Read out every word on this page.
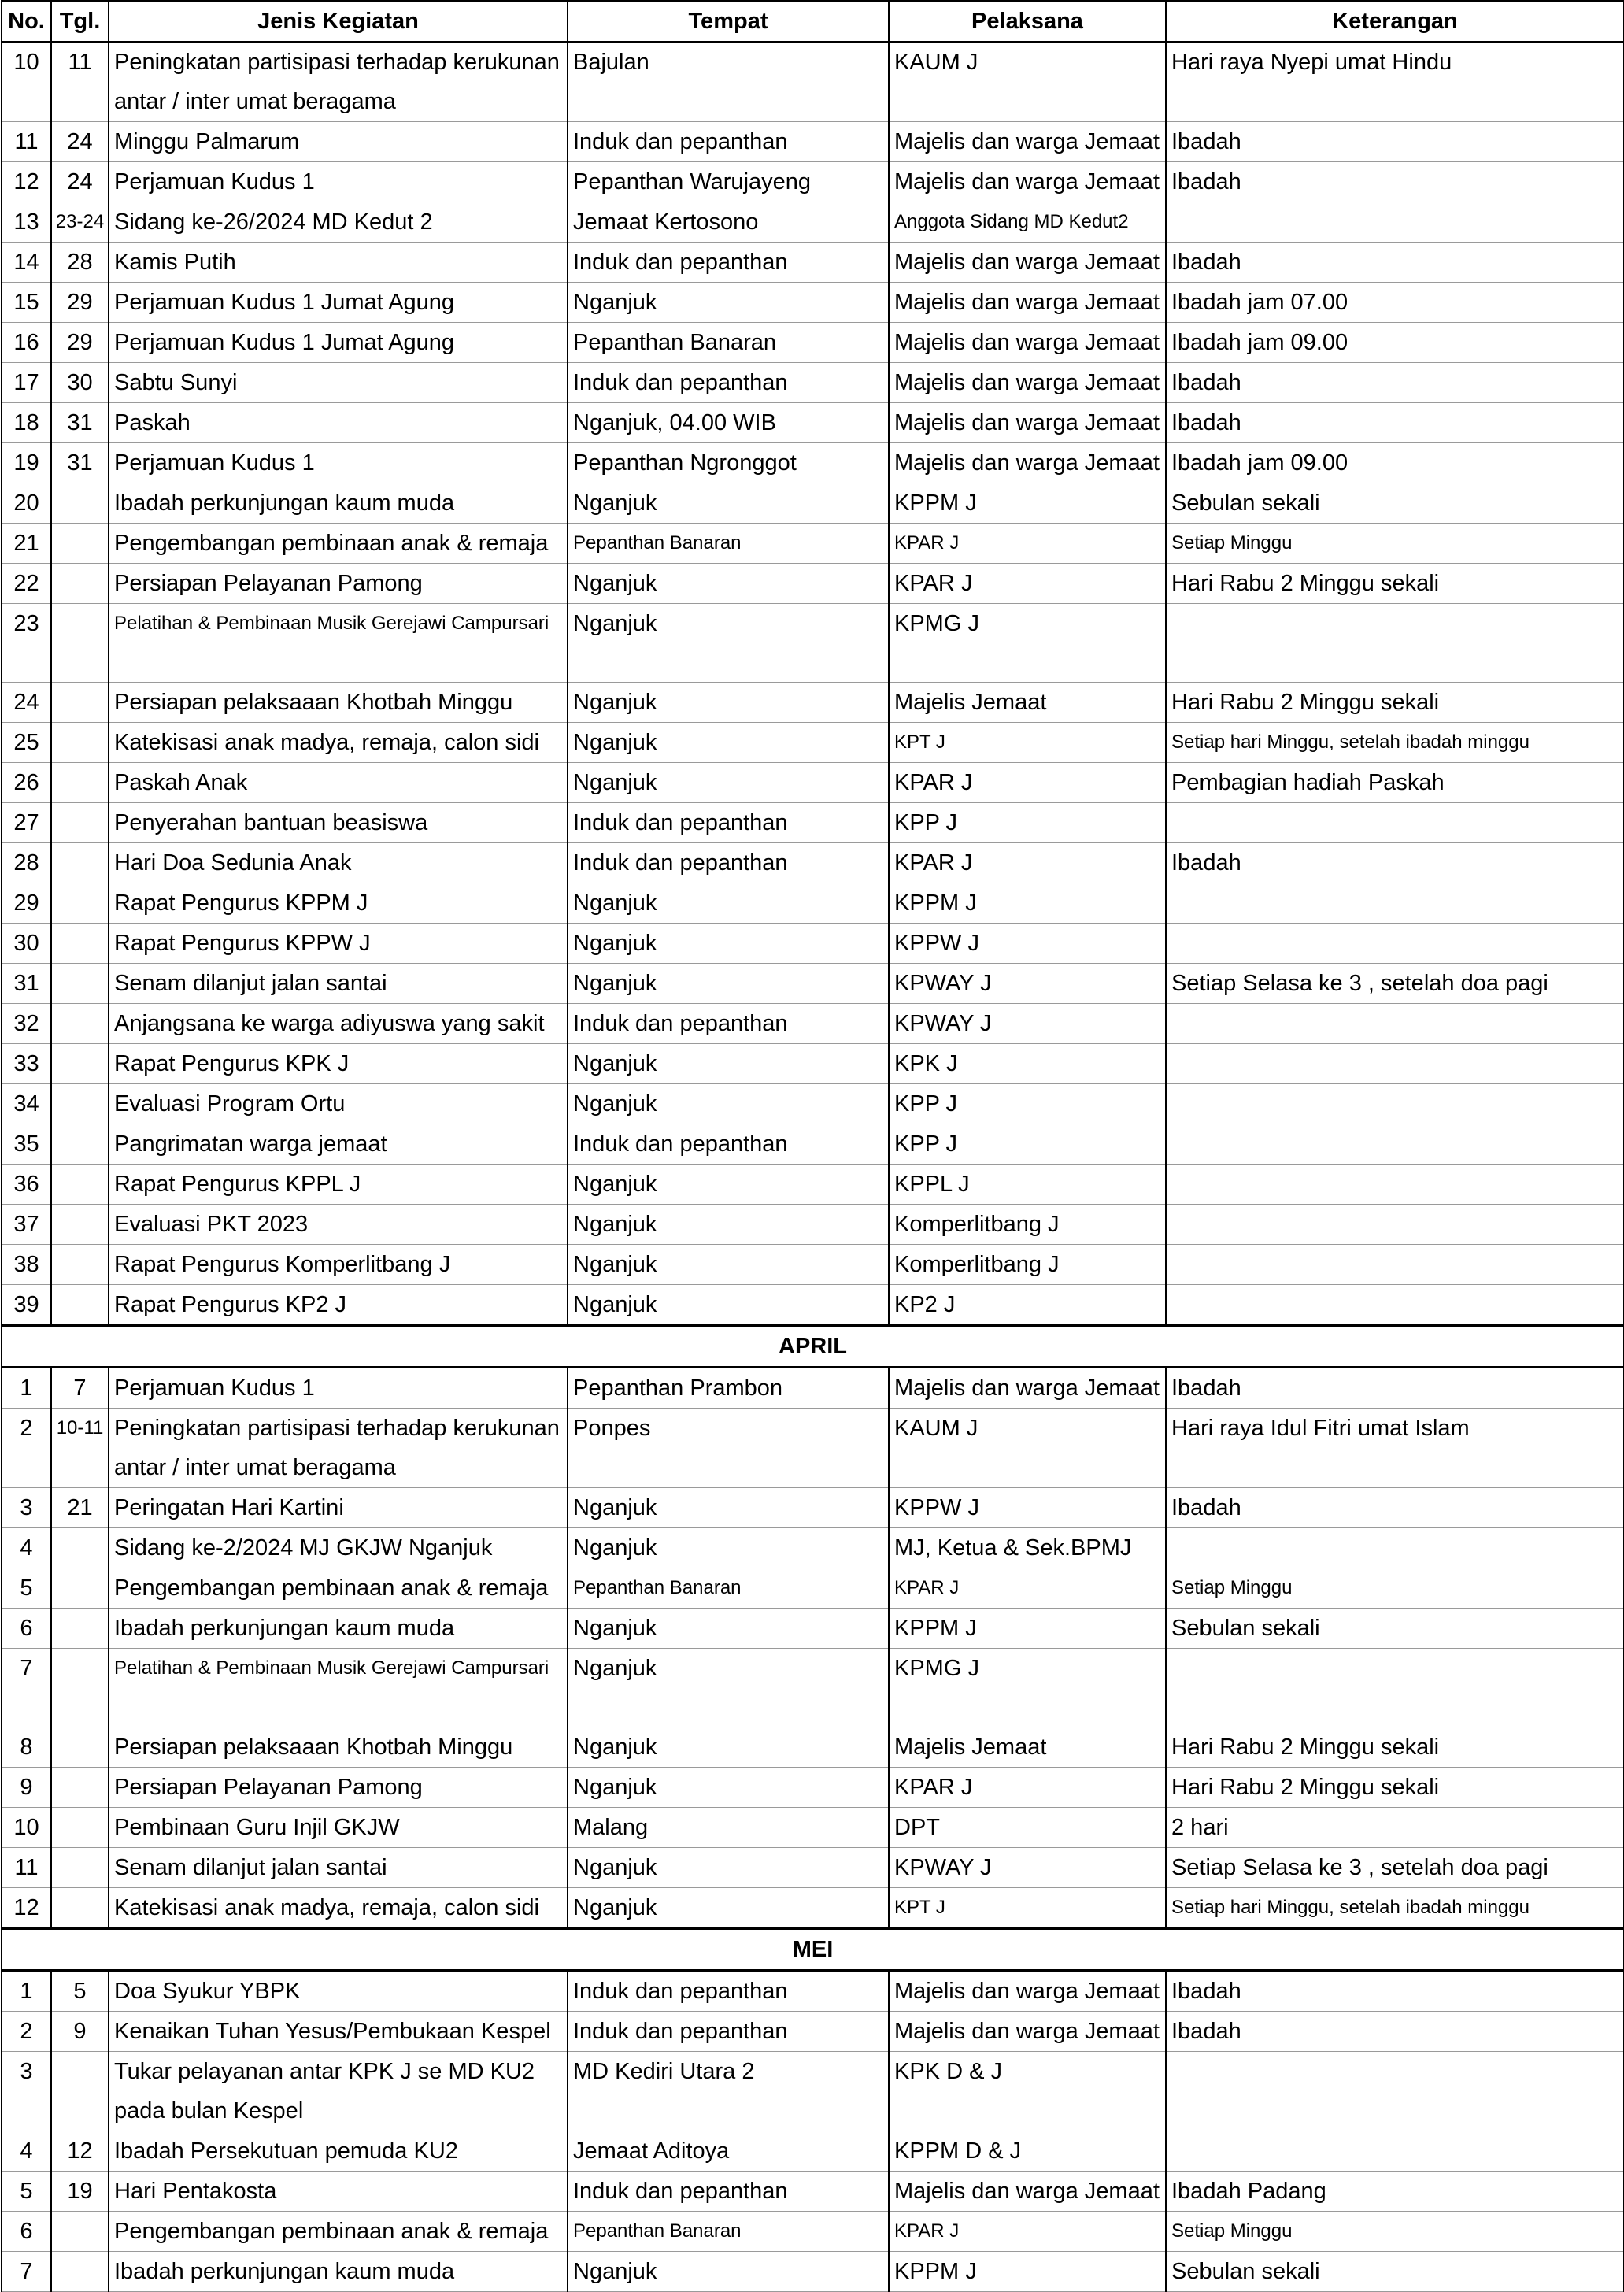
No.	Tgl.	Jenis Kegiatan	Tempat	Pelaksana	Keterangan
10	11	Peningkatan partisipasi terhadap kerukunan antar / inter umat beragama	Bajulan	KAUM J	Hari raya Nyepi umat Hindu
11	24	Minggu Palmarum	Induk dan pepanthan	Majelis dan warga Jemaat	Ibadah
12	24	Perjamuan Kudus 1	Pepanthan Warujayeng	Majelis dan warga Jemaat	Ibadah
13	23-24	Sidang ke-26/2024 MD Kedut 2	Jemaat Kertosono	Anggota Sidang MD Kedut2	
14	28	Kamis Putih	Induk dan pepanthan	Majelis dan warga Jemaat	Ibadah
15	29	Perjamuan Kudus 1 Jumat Agung	Nganjuk	Majelis dan warga Jemaat	Ibadah jam 07.00
16	29	Perjamuan Kudus 1 Jumat Agung	Pepanthan Banaran	Majelis dan warga Jemaat	Ibadah jam 09.00
17	30	Sabtu Sunyi	Induk dan pepanthan	Majelis dan warga Jemaat	Ibadah
18	31	Paskah	Nganjuk, 04.00 WIB	Majelis dan warga Jemaat	Ibadah
19	31	Perjamuan Kudus 1	Pepanthan Ngronggot	Majelis dan warga Jemaat	Ibadah jam 09.00
20		Ibadah perkunjungan kaum muda	Nganjuk	KPPM J	Sebulan sekali
21		Pengembangan pembinaan anak & remaja	Pepanthan Banaran	KPAR J	Setiap Minggu
22		Persiapan Pelayanan Pamong	Nganjuk	KPAR J	Hari Rabu 2 Minggu sekali
23		Pelatihan & Pembinaan Musik Gerejawi Campursari	Nganjuk	KPMG J	
24		Persiapan pelaksaaan Khotbah Minggu	Nganjuk	Majelis Jemaat	Hari Rabu 2 Minggu sekali
25		Katekisasi anak madya, remaja, calon sidi	Nganjuk	KPT J	Setiap hari Minggu, setelah ibadah minggu
26		Paskah Anak	Nganjuk	KPAR J	Pembagian hadiah Paskah
27		Penyerahan bantuan beasiswa	Induk dan pepanthan	KPP J	
28		Hari Doa Sedunia Anak	Induk dan pepanthan	KPAR J	Ibadah
29		Rapat Pengurus KPPM J	Nganjuk	KPPM J	
30		Rapat Pengurus KPPW J	Nganjuk	KPPW J	
31		Senam dilanjut jalan santai	Nganjuk	KPWAY J	Setiap Selasa ke 3 , setelah doa pagi
32		Anjangsana ke warga adiyuswa yang sakit	Induk dan pepanthan	KPWAY J	
33		Rapat Pengurus KPK J	Nganjuk	KPK J	
34		Evaluasi Program Ortu	Nganjuk	KPP J	
35		Pangrimatan warga jemaat	Induk dan pepanthan	KPP J	
36		Rapat Pengurus KPPL J	Nganjuk	KPPL J	
37		Evaluasi PKT 2023	Nganjuk	Komperlitbang J	
38		Rapat Pengurus Komperlitbang J	Nganjuk	Komperlitbang J	
39		Rapat Pengurus KP2 J	Nganjuk	KP2 J	
APRIL					
1	7	Perjamuan Kudus 1	Pepanthan Prambon	Majelis dan warga Jemaat	Ibadah
2	10-11	Peningkatan partisipasi terhadap kerukunan antar / inter umat beragama	Ponpes	KAUM J	Hari raya Idul Fitri umat Islam
3	21	Peringatan Hari Kartini	Nganjuk	KPPW J	Ibadah
4		Sidang ke-2/2024 MJ GKJW Nganjuk	Nganjuk	MJ, Ketua & Sek.BPMJ	
5		Pengembangan pembinaan anak & remaja	Pepanthan Banaran	KPAR J	Setiap Minggu
6		Ibadah perkunjungan kaum muda	Nganjuk	KPPM J	Sebulan sekali
7		Pelatihan & Pembinaan Musik Gerejawi Campursari	Nganjuk	KPMG J	
8		Persiapan pelaksaaan Khotbah Minggu	Nganjuk	Majelis Jemaat	Hari Rabu 2 Minggu sekali
9		Persiapan Pelayanan Pamong	Nganjuk	KPAR J	Hari Rabu 2 Minggu sekali
10		Pembinaan Guru Injil GKJW	Malang	DPT	2 hari
11		Senam dilanjut jalan santai	Nganjuk	KPWAY J	Setiap Selasa ke 3 , setelah doa pagi
12		Katekisasi anak madya, remaja, calon sidi	Nganjuk	KPT J	Setiap hari Minggu, setelah ibadah minggu
MEI					
1	5	Doa Syukur YBPK	Induk dan pepanthan	Majelis dan warga Jemaat	Ibadah
2	9	Kenaikan Tuhan Yesus/Pembukaan Kespel	Induk dan pepanthan	Majelis dan warga Jemaat	Ibadah
3		Tukar pelayanan antar KPK J se MD KU2 pada bulan Kespel	MD Kediri Utara 2	KPK D & J	
4	12	Ibadah Persekutuan pemuda KU2	Jemaat Aditoya	KPPM D & J	
5	19	Hari Pentakosta	Induk dan pepanthan	Majelis dan warga Jemaat	Ibadah Padang
6		Pengembangan pembinaan anak & remaja	Pepanthan Banaran	KPAR J	Setiap Minggu
7		Ibadah perkunjungan kaum muda	Nganjuk	KPPM J	Sebulan sekali
